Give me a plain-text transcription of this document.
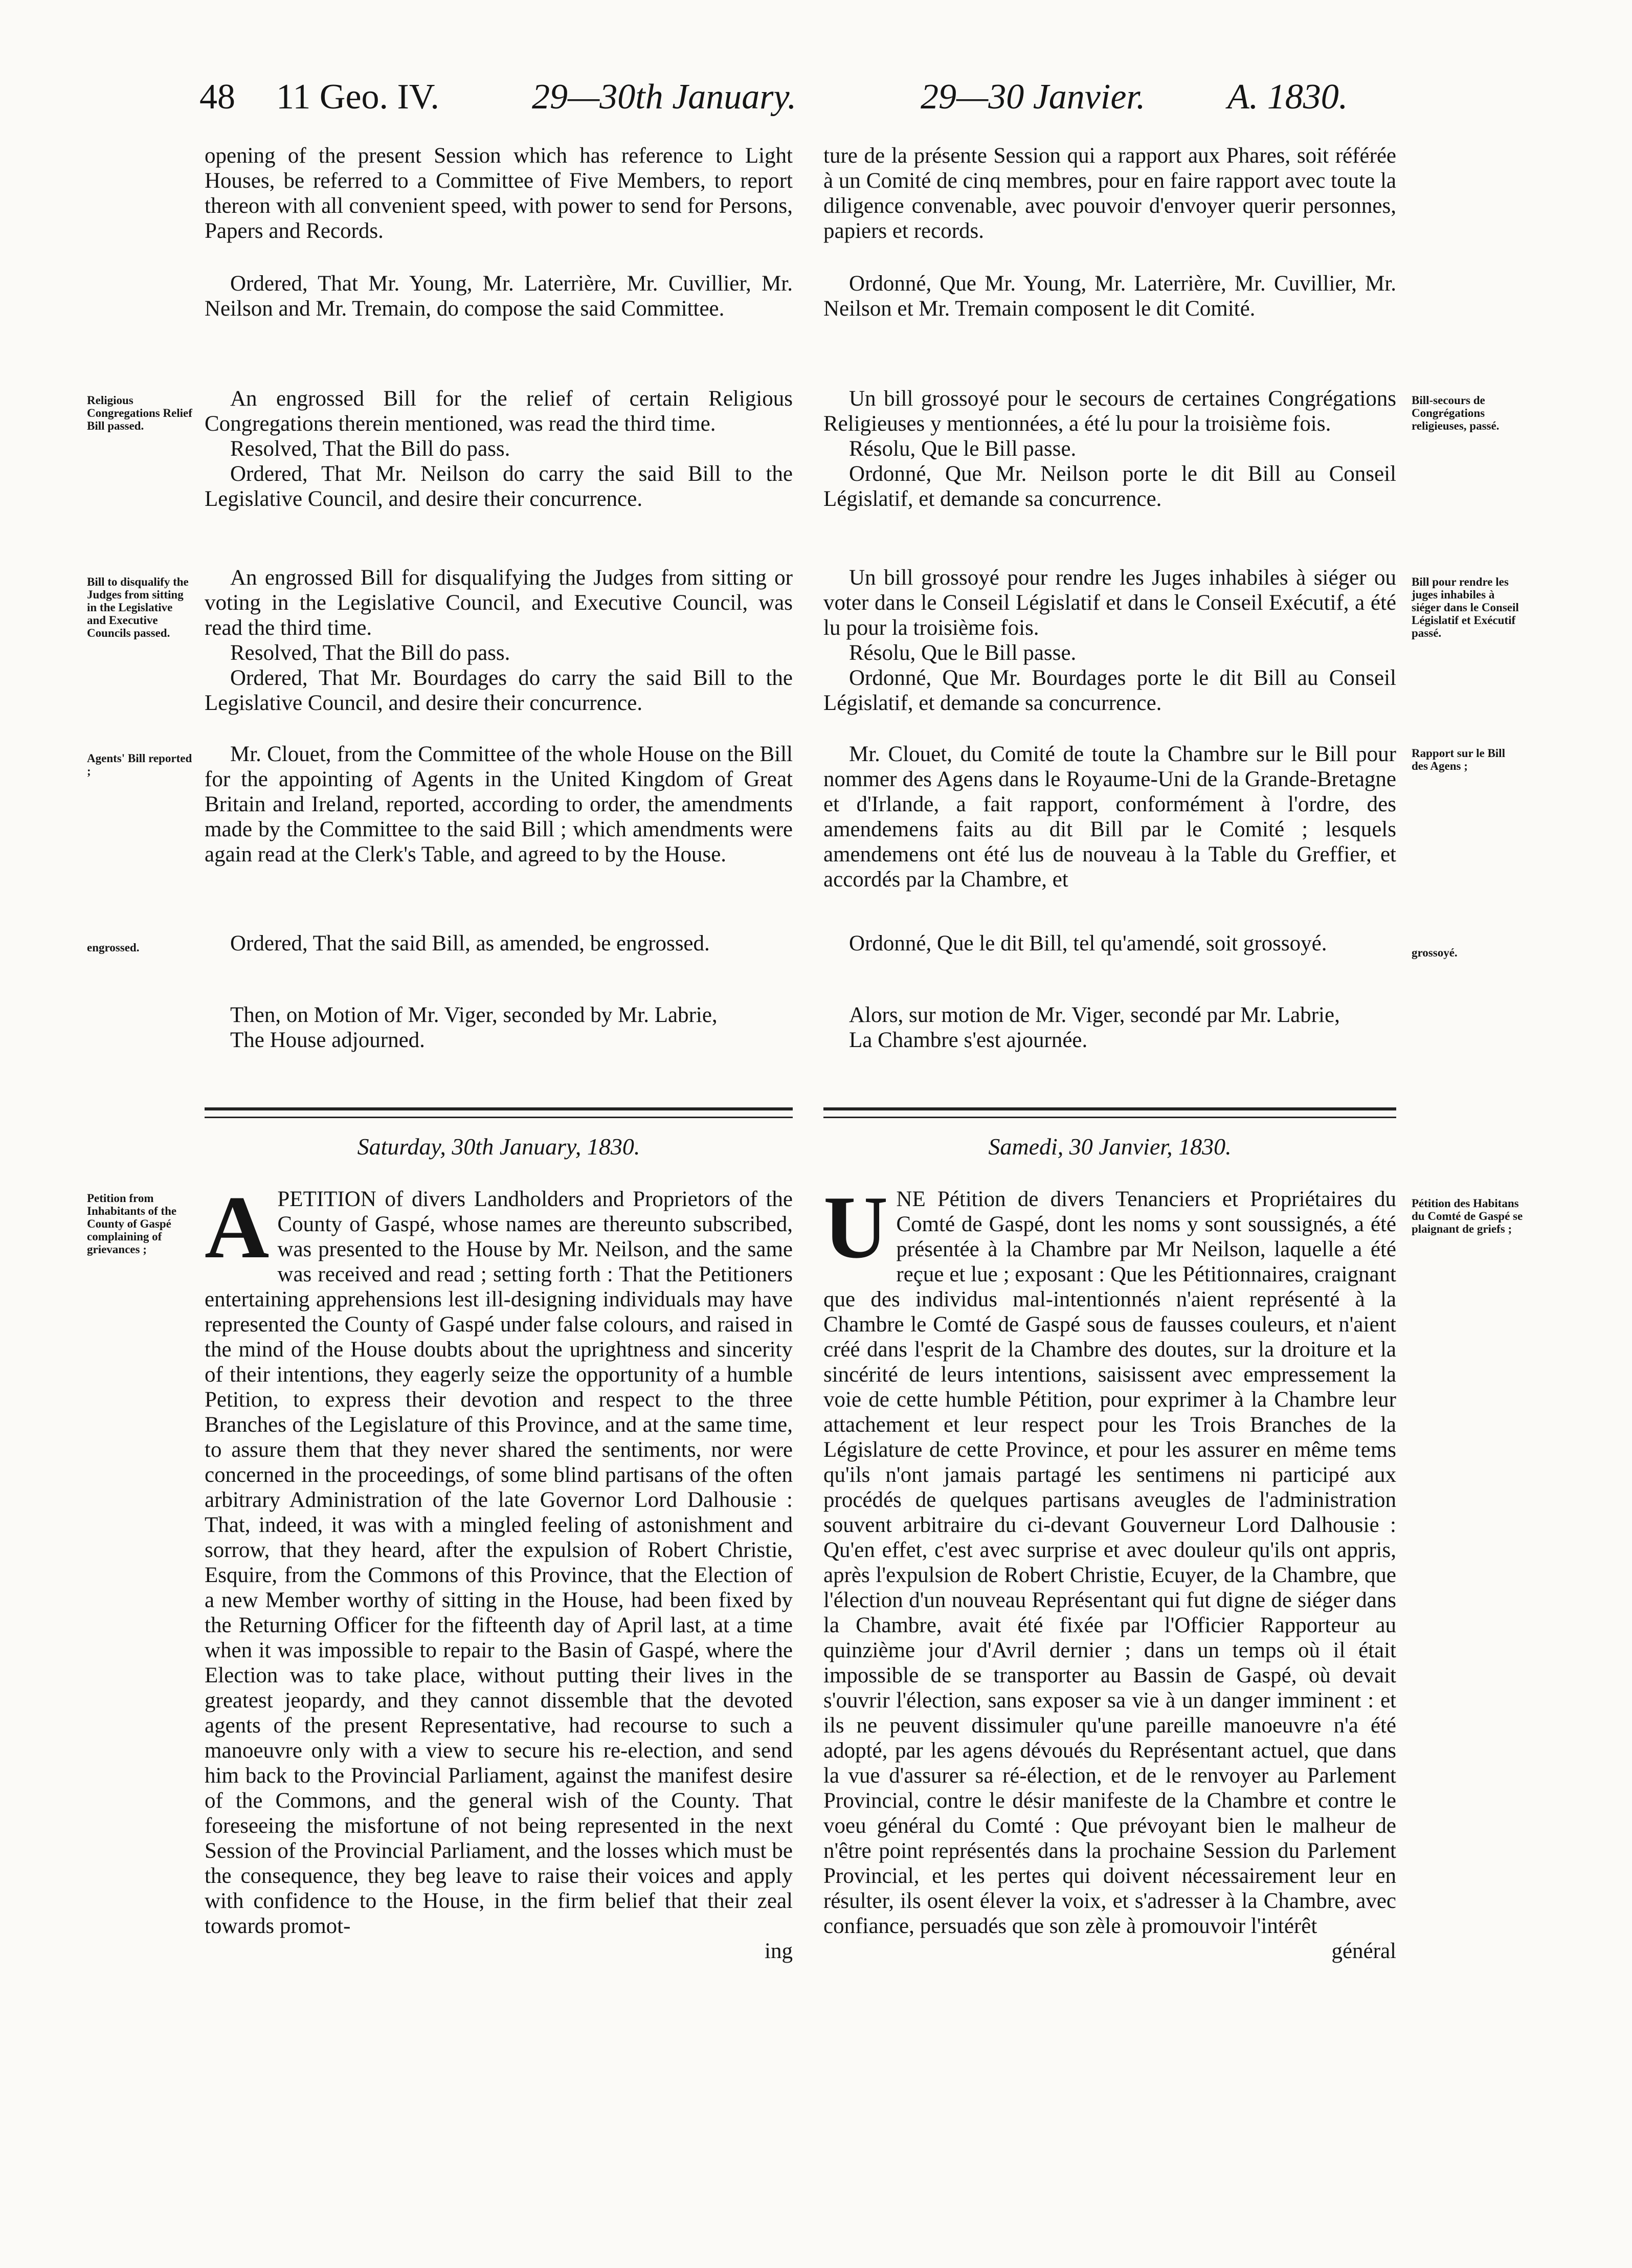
48 11 Geo. IV.	29—30th January.	29—30 Janvier. A. 1830.

opening of the present Session which has reference to Light Houses, be referred to a Committee of Five Members, to report thereon with all convenient speed, with power to send for Persons, Papers and Records.

ture de la présente Session qui a rapport aux Phares, soit référée à un Comité de cinq membres, pour en faire rapport avec toute la diligence convenable, avec pouvoir d'envoyer querir personnes, papiers et records.

Ordered, That Mr. Young, Mr. Laterrière, Mr. Cuvillier, Mr. Neilson and Mr. Tremain, do compose the said Committee.

Ordonné, Que Mr. Young, Mr. Laterrière, Mr. Cuvillier, Mr. Neilson et Mr. Tremain composent le dit Comité.

Religious Congregations Relief Bill passed.
Bill-secours de Congrégations religieuses, passé.

An engrossed Bill for the relief of certain Religious Congregations therein mentioned, was read the third time.

Resolved, That the Bill do pass.

Ordered, That Mr. Neilson do carry the said Bill to the Legislative Council, and desire their concurrence.

Un bill grossoyé pour le secours de certaines Congrégations Religieuses y mentionnées, a été lu pour la troisième fois.

Résolu, Que le Bill passe.

Ordonné, Que Mr. Neilson porte le dit Bill au Conseil Législatif, et demande sa concurrence.

Bill to disqualify the Judges from sitting in the Legislative and Executive Councils passed.
Bill pour rendre les juges inhabiles à siéger dans le Conseil Législatif et Exécutif passé.

An engrossed Bill for disqualifying the Judges from sitting or voting in the Legislative Council, and Executive Council, was read the third time.

Resolved, That the Bill do pass.

Ordered, That Mr. Bourdages do carry the said Bill to the Legislative Council, and desire their concurrence.

Un bill grossoyé pour rendre les Juges inhabiles à siéger ou voter dans le Conseil Législatif et dans le Conseil Exécutif, a été lu pour la troisième fois.

Résolu, Que le Bill passe.

Ordonné, Que Mr. Bourdages porte le dit Bill au Conseil Législatif, et demande sa concurrence.

Agents' Bill reported ;
Rapport sur le Bill des Agens ;

Mr. Clouet, from the Committee of the whole House on the Bill for the appointing of Agents in the United Kingdom of Great Britain and Ireland, reported, according to order, the amendments made by the Committee to the said Bill ; which amendments were again read at the Clerk's Table, and agreed to by the House.

Mr. Clouet, du Comité de toute la Chambre sur le Bill pour nommer des Agens dans le Royaume-Uni de la Grande-Bretagne et d'Irlande, a fait rapport, conformément à l'ordre, des amendemens faits au dit Bill par le Comité ; lesquels amendemens ont été lus de nouveau à la Table du Greffier, et accordés par la Chambre, et

engrossed.	grossoyé.

Ordered, That the said Bill, as amended, be engrossed.	Ordonné, Que le dit Bill, tel qu'amendé, soit grossoyé.

Then, on Motion of Mr. Viger, seconded by Mr. Labrie,

The House adjourned.

Alors, sur motion de Mr. Viger, secondé par Mr. Labrie,

La Chambre s'est ajournée.

Saturday, 30th January, 1830.	Samedi, 30 Janvier, 1830.
Petition from Inhabitants of the County of Gaspé complaining of grievances ;
Pétition des Habitans du Comté de Gaspé se plaignant de griefs ;
A PETITION of divers Landholders and Proprietors of the County of Gaspé, whose names are thereunto subscribed, was presented to the House by Mr. Neilson, and the same was received and read ; setting forth : That the Petitioners entertaining apprehensions lest ill-designing individuals may have represented the County of Gaspé under false colours, and raised in the mind of the House doubts about the uprightness and sincerity of their intentions, they eagerly seize the opportunity of a humble Petition, to express their devotion and respect to the three Branches of the Legislature of this Province, and at the same time, to assure them that they never shared the sentiments, nor were concerned in the proceedings, of some blind partisans of the often arbitrary Administration of the late Governor Lord Dalhousie : That, indeed, it was with a mingled feeling of astonishment and sorrow, that they heard, after the expulsion of Robert Christie, Esquire, from the Commons of this Province, that the Election of a new Member worthy of sitting in the House, had been fixed by the Returning Officer for the fifteenth day of April last, at a time when it was impossible to repair to the Basin of Gaspé, where the Election was to take place, without putting their lives in the greatest jeopardy, and they cannot dissemble that the devoted agents of the present Representative, had recourse to such a manoeuvre only with a view to secure his re-election, and send him back to the Provincial Parliament, against the manifest desire of the Commons, and the general wish of the County. That foreseeing the misfortune of not being represented in the next Session of the Provincial Parliament, and the losses which must be the consequence, they beg leave to raise their voices and apply with confidence to the House, in the firm belief that their zeal towards promot-

ing

U NE Pétition de divers Tenanciers et Propriétaires du Comté de Gaspé, dont les noms y sont soussignés, a été présentée à la Chambre par Mr Neilson, laquelle a été reçue et lue ; exposant : Que les Pétitionnaires, craignant que des individus mal-intentionnés n'aient représenté à la Chambre le Comté de Gaspé sous de fausses couleurs, et n'aient créé dans l'esprit de la Chambre des doutes, sur la droiture et la sincérité de leurs intentions, saisissent avec empressement la voie de cette humble Pétition, pour exprimer à la Chambre leur attachement et leur respect pour les Trois Branches de la Législature de cette Province, et pour les assurer en même tems qu'ils n'ont jamais partagé les sentimens ni participé aux procédés de quelques partisans aveugles de l'administration souvent arbitraire du ci-devant Gouverneur Lord Dalhousie : Qu'en effet, c'est avec surprise et avec douleur qu'ils ont appris, après l'expulsion de Robert Christie, Ecuyer, de la Chambre, que l'élection d'un nouveau Représentant qui fut digne de siéger dans la Chambre, avait été fixée par l'Officier Rapporteur au quinzième jour d'Avril dernier ; dans un temps où il était impossible de se transporter au Bassin de Gaspé, où devait s'ouvrir l'élection, sans exposer sa vie à un danger imminent : et ils ne peuvent dissimuler qu'une pareille manoeuvre n'a été adopté, par les agens dévoués du Représentant actuel, que dans la vue d'assurer sa ré-élection, et de le renvoyer au Parlement Provincial, contre le désir manifeste de la Chambre et contre le voeu général du Comté : Que prévoyant bien le malheur de n'être point représentés dans la prochaine Session du Parlement Provincial, et les pertes qui doivent nécessairement leur en résulter, ils osent élever la voix, et s'adresser à la Chambre, avec confiance, persuadés que son zèle à promouvoir l'intérêt

général
